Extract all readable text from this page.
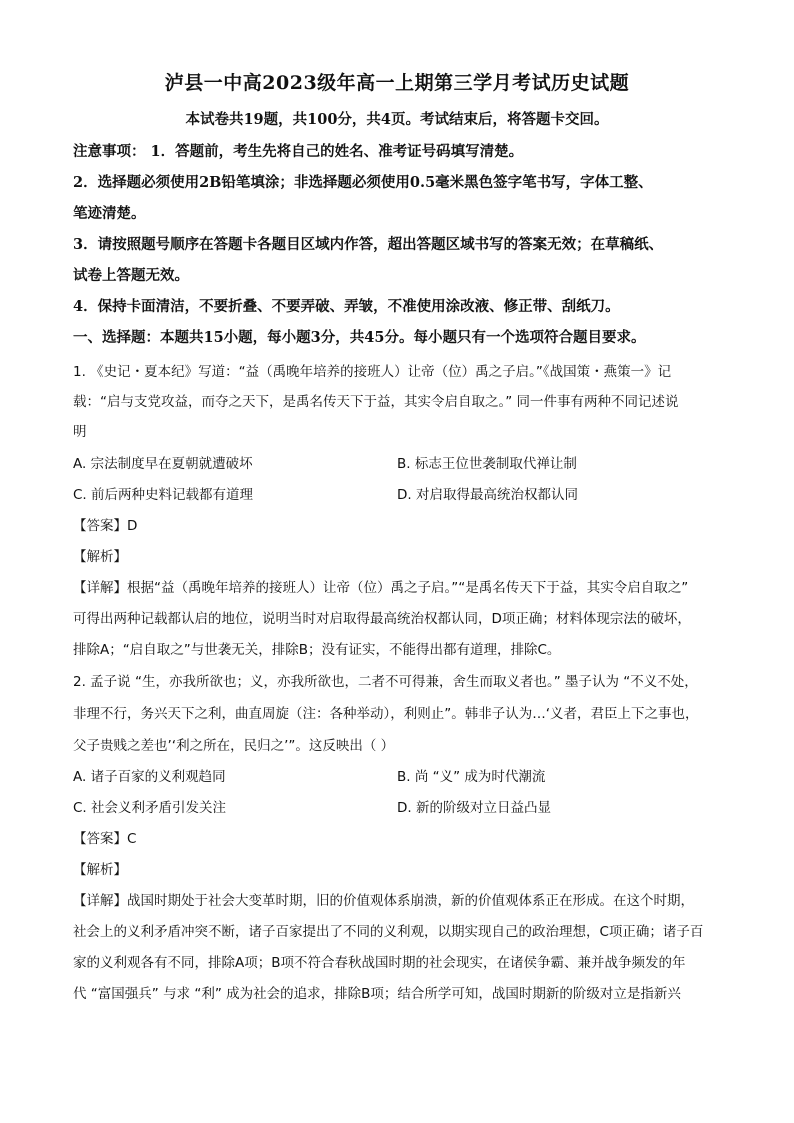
泸县一中高2023级年高一上期第三学月考试历史试题
本试卷共19题，共100分，共4页。考试结束后，将答题卡交回。
注意事项： 1．答题前，考生先将自己的姓名、准考证号码填写清楚。
2．选择题必须使用2B铅笔填涂；非选择题必须使用0.5毫米黑色签字笔书写，字体工整、
笔迹清楚。
3．请按照题号顺序在答题卡各题目区域内作答，超出答题区域书写的答案无效；在草稿纸、
试卷上答题无效。
4．保持卡面清洁，不要折叠、不要弄破、弄皱，不准使用涂改液、修正带、刮纸刀。
一、选择题：本题共15小题，每小题3分，共45分。每小题只有一个选项符合题目要求。
1. 《史记・夏本纪》写道：“益（禹晚年培养的接班人）让帝（位）禹之子启。”《战国策・燕策一》记
载：“启与支党攻益，而夺之天下，是禹名传天下于益，其实令启自取之。” 同一件事有两种不同记述说
明
A. 宗法制度早在夏朝就遭破坏	B. 标志王位世袭制取代禅让制
C. 前后两种史料记载都有道理	D. 对启取得最高统治权都认同
【答案】D
【解析】
【详解】根据“益（禹晚年培养的接班人）让帝（位）禹之子启。”“是禹名传天下于益，其实令启自取之”
可得出两种记载都认启的地位，说明当时对启取得最高统治权都认同，D项正确；材料体现宗法的破坏，
排除A；“启自取之”与世袭无关，排除B；没有证实，不能得出都有道理，排除C。
2. 孟子说 “生，亦我所欲也；义，亦我所欲也，二者不可得兼，舍生而取义者也。” 墨子认为 “不义不处，
非理不行，务兴天下之利，曲直周旋（注：各种举动），利则止”。韩非子认为…‘义者，君臣上下之事也，
父子贵贱之差也’‘利之所在，民归之’”。这反映出（ ）
A. 诸子百家的义利观趋同	B. 尚 “义” 成为时代潮流
C. 社会义利矛盾引发关注	D. 新的阶级对立日益凸显
【答案】C
【解析】
【详解】战国时期处于社会大变革时期，旧的价值观体系崩溃，新的价值观体系正在形成。在这个时期，
社会上的义利矛盾冲突不断，诸子百家提出了不同的义利观，以期实现自己的政治理想，C项正确；诸子百
家的义利观各有不同，排除A项；B项不符合春秋战国时期的社会现实，在诸侯争霸、兼并战争频发的年
代 “富国强兵” 与求 “利” 成为社会的追求，排除B项；结合所学可知，战国时期新的阶级对立是指新兴
